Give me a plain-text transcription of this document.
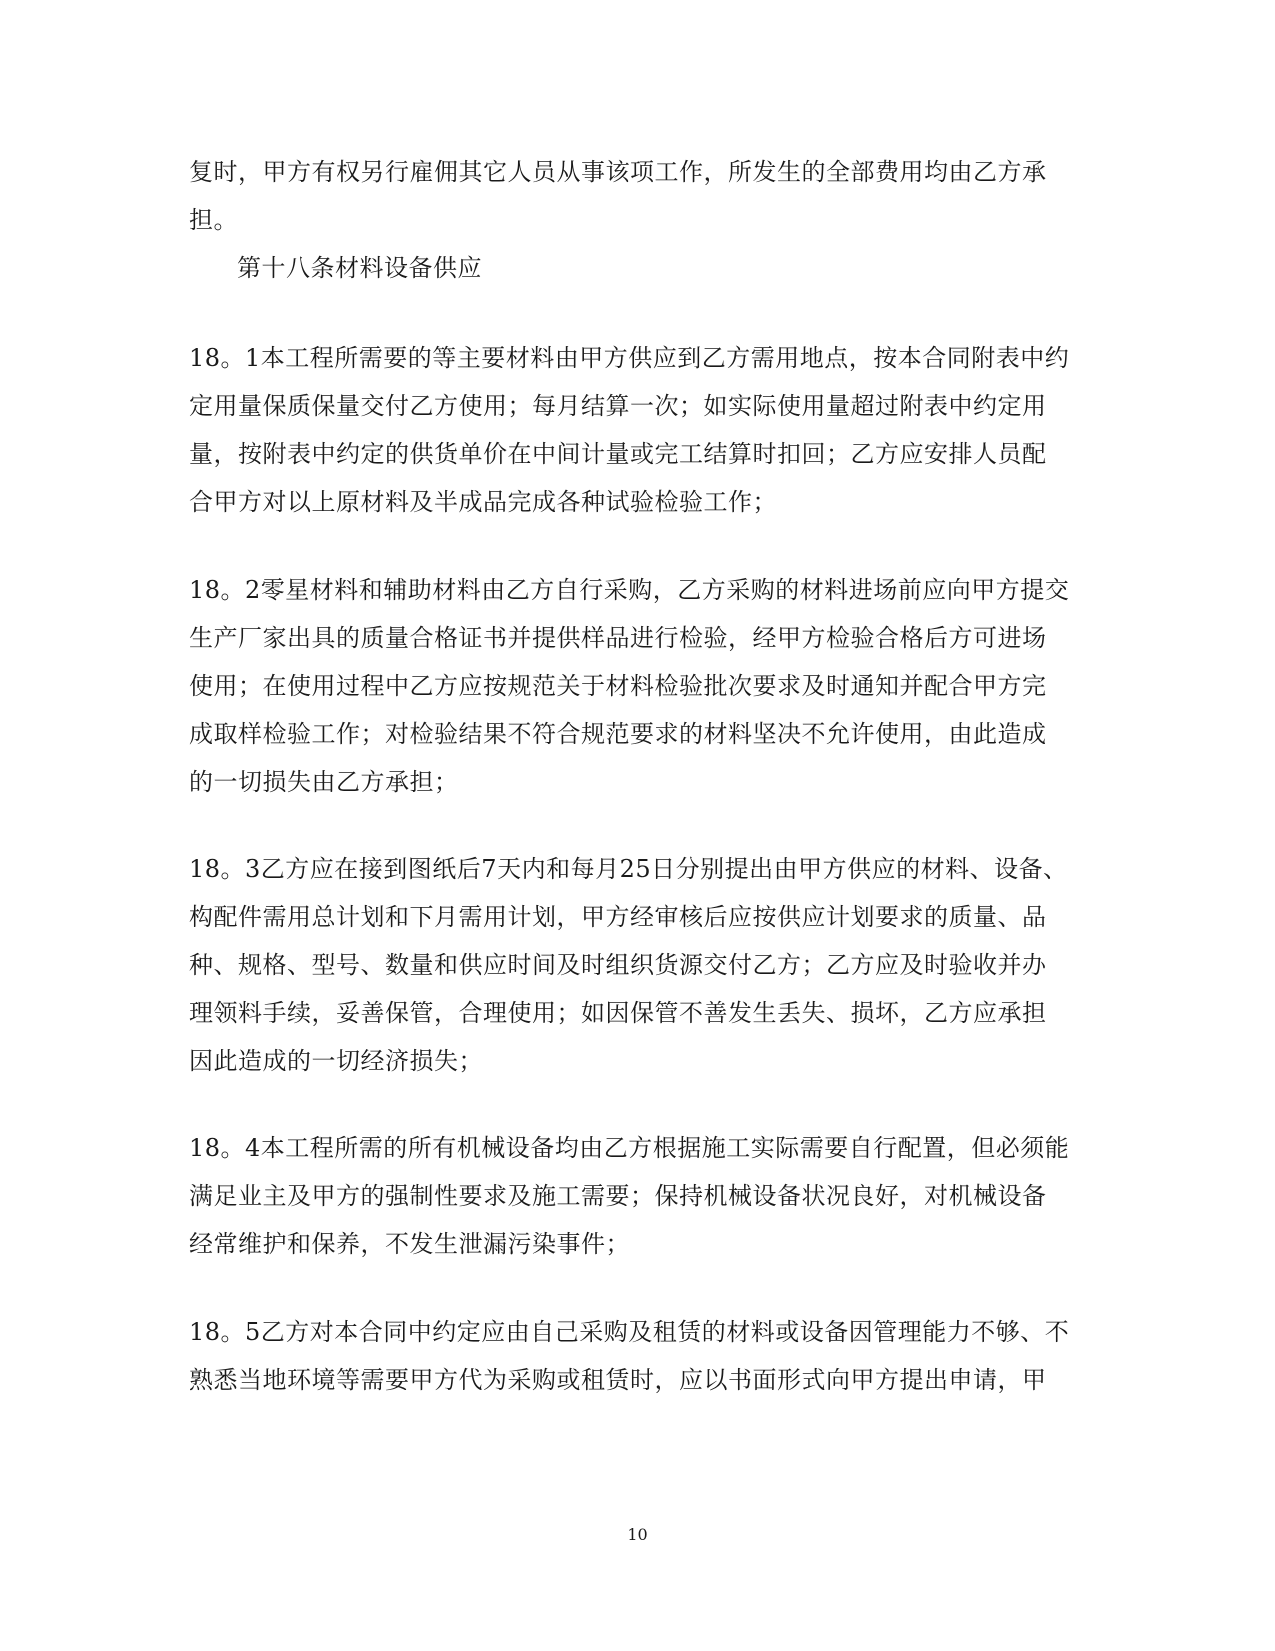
复时，甲方有权另行雇佣其它人员从事该项工作，所发生的全部费用均由乙方承
担。
第十八条材料设备供应
18。1本工程所需要的等主要材料由甲方供应到乙方需用地点，按本合同附表中约
定用量保质保量交付乙方使用；每月结算一次；如实际使用量超过附表中约定用
量，按附表中约定的供货单价在中间计量或完工结算时扣回；乙方应安排人员配
合甲方对以上原材料及半成品完成各种试验检验工作；
18。2零星材料和辅助材料由乙方自行采购，乙方采购的材料进场前应向甲方提交
生产厂家出具的质量合格证书并提供样品进行检验，经甲方检验合格后方可进场
使用；在使用过程中乙方应按规范关于材料检验批次要求及时通知并配合甲方完
成取样检验工作；对检验结果不符合规范要求的材料坚决不允许使用，由此造成
的一切损失由乙方承担；
18。3乙方应在接到图纸后7天内和每月25日分别提出由甲方供应的材料、设备、
构配件需用总计划和下月需用计划，甲方经审核后应按供应计划要求的质量、品
种、规格、型号、数量和供应时间及时组织货源交付乙方；乙方应及时验收并办
理领料手续，妥善保管，合理使用；如因保管不善发生丢失、损坏，乙方应承担
因此造成的一切经济损失；
18。4本工程所需的所有机械设备均由乙方根据施工实际需要自行配置，但必须能
满足业主及甲方的强制性要求及施工需要；保持机械设备状况良好，对机械设备
经常维护和保养，不发生泄漏污染事件；
18。5乙方对本合同中约定应由自己采购及租赁的材料或设备因管理能力不够、不
熟悉当地环境等需要甲方代为采购或租赁时，应以书面形式向甲方提出申请，甲
10
